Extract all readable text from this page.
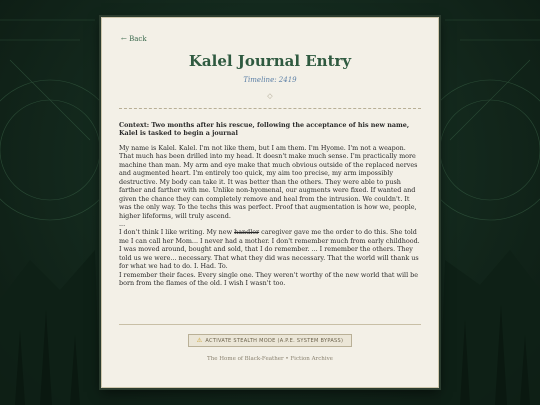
← Back
Kalel Journal Entry
Timeline: 2419
◇
Context: Two months after his rescue, following the acceptance of his new name, Kalel is tasked to begin a journal

My name is Kalel. Kalel. I'm not like them, but I am them. I'm Hyome. I'm not a weapon. That much has been drilled into my head. It doesn't make much sense. I'm practically more machine than man. My arm and eye make that much obvious outside of the replaced nerves and augmented heart. I'm entirely too quick, my aim too precise, my arm impossibly destructive. My body can take it. It was better than the others. They were able to push farther and farther with me. Unlike non-hyomenal, our augments were fixed. If wanted and given the chance they can completely remove and heal from the intrusion. We couldn't. It was the only way. To the techs this was perfect. Proof that augmentation is how we, people, higher lifeforms, will truly ascend.

...

I don't think I like writing. My new handler caregiver gave me the order to do this. She told me I can call her Mom... I never had a mother. I don't remember much from early childhood. I was moved around, bought and sold, that I do remember. ... I remember the others. They told us we were... necessary. That what they did was necessary. That the world will thank us for what we had to do. I. Had. To.

I remember their faces. Every single one. They weren't worthy of the new world that will be born from the flames of the old. I wish I wasn't too.

⚠ ACTIVATE STEALTH MODE (A.P.E. SYSTEM BYPASS)
The Home of Black-Feather • Fiction Archive
